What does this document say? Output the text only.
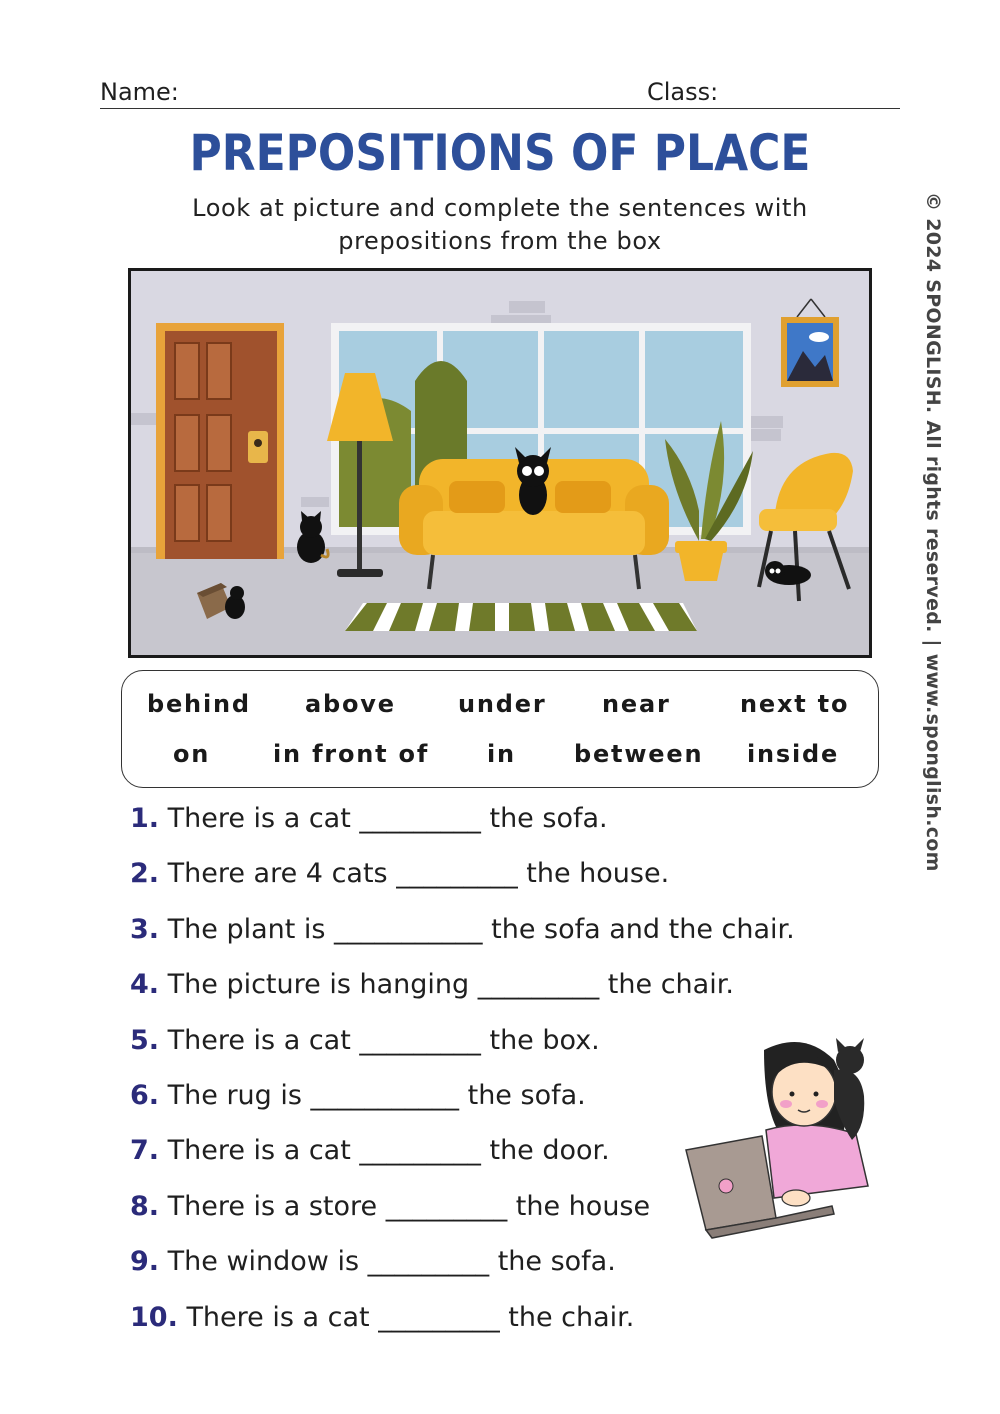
Name:	Class:
PREPOSITIONS OF PLACE
Look at picture and complete the sentences with
prepositions from the box
behind above	under near	next to
on	in front of in between inside
1. There is a cat _________ the sofa.
2. There are 4 cats _________ the house.
3. The plant is ___________ the sofa and the chair.
4. The picture is hanging _________ the chair.
5. There is a cat _________ the box.
6. The rug is ___________ the sofa.
7. There is a cat _________ the door.
8. There is a store _________ the house
9. The window is _________ the sofa.
10. There is a cat _________ the chair.
© 2024 SPONGLISH. All rights reserved. | www.sponglish.com
